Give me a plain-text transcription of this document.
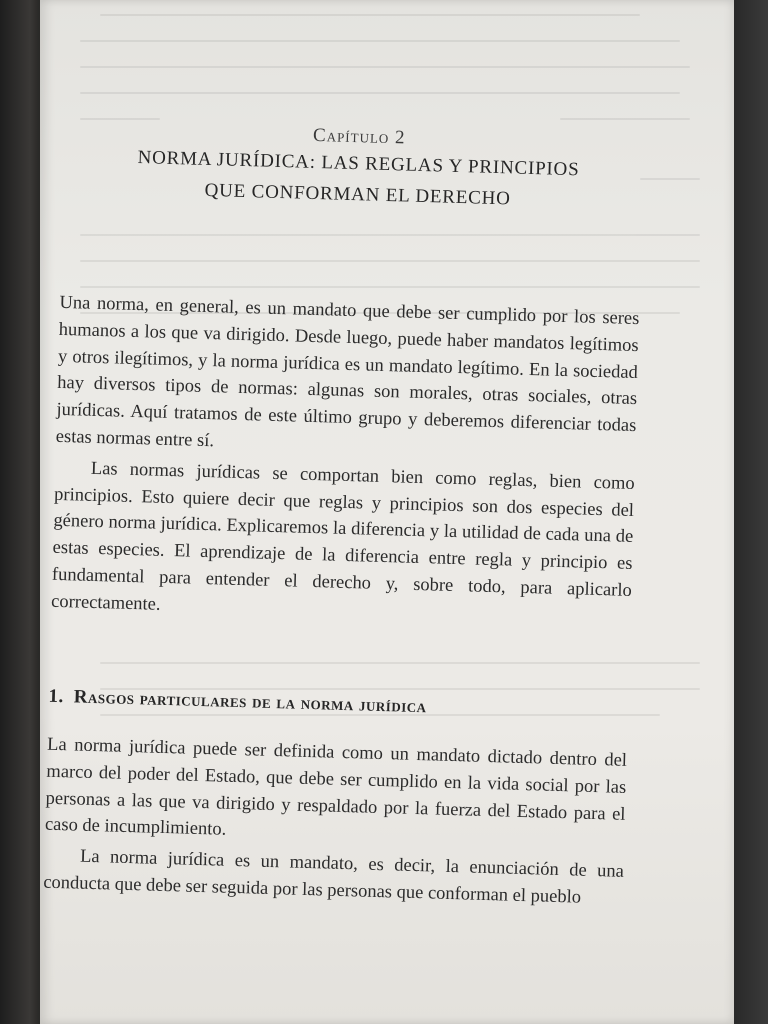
Capítulo 2
NORMA JURÍDICA: LAS REGLAS Y PRINCIPIOS
QUE CONFORMAN EL DERECHO

Una norma, en general, es un mandato que debe ser cumplido por los seres humanos a los que va dirigido. Desde luego, puede haber mandatos legítimos y otros ilegítimos, y la norma jurídica es un mandato legítimo. En la sociedad hay diversos tipos de normas: algunas son morales, otras sociales, otras jurídicas. Aquí tratamos de este último grupo y deberemos diferenciar todas estas normas entre sí.

Las normas jurídicas se comportan bien como reglas, bien como principios. Esto quiere decir que reglas y principios son dos especies del género norma jurídica. Explicaremos la diferencia y la utilidad de cada una de estas especies. El aprendizaje de la diferencia entre regla y principio es fundamental para entender el derecho y, sobre todo, para aplicarlo correctamente.

1. Rasgos particulares de la norma jurídica

La norma jurídica puede ser definida como un mandato dictado dentro del marco del poder del Estado, que debe ser cumplido en la vida social por las personas a las que va dirigido y respaldado por la fuerza del Estado para el caso de incumplimiento.

La norma jurídica es un mandato, es decir, la enunciación de una conducta que debe ser seguida por las personas que conforman el pueblo
